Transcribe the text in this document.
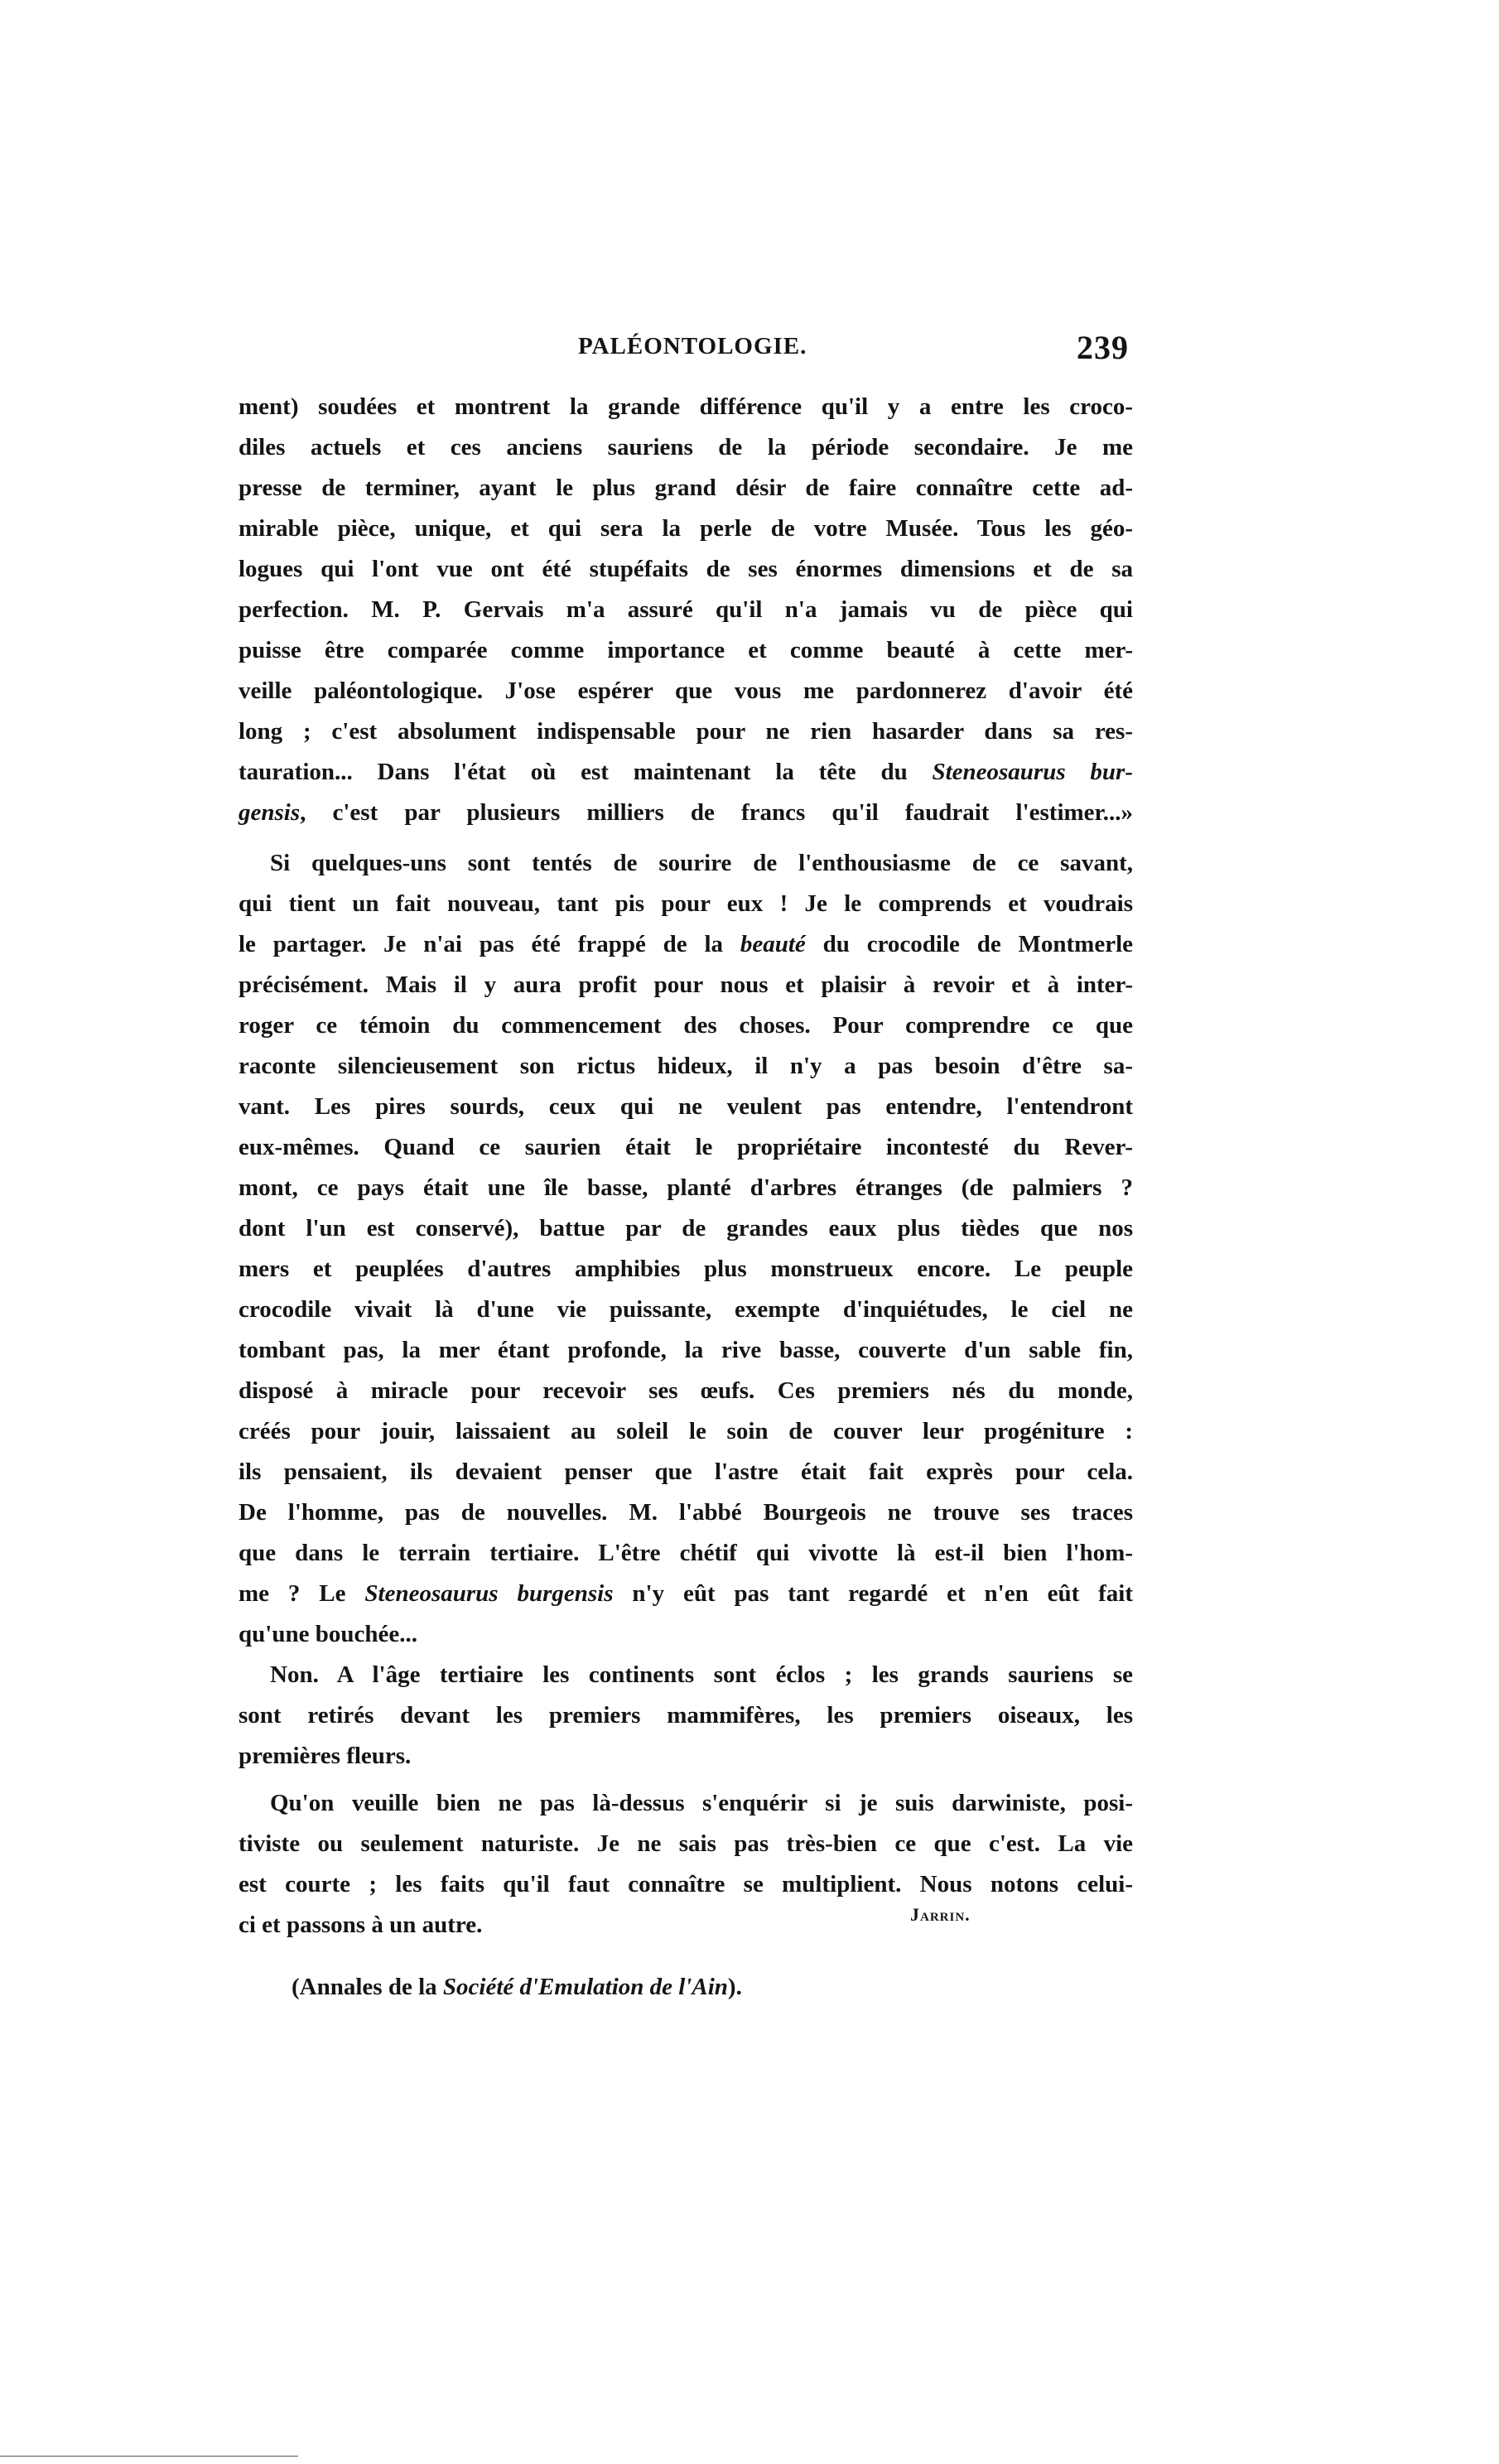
PALÉONTOLOGIE.	239
ment) soudées et montrent la grande différence qu'il y a entre les croco-
diles actuels et ces anciens sauriens de la période secondaire. Je me
presse de terminer, ayant le plus grand désir de faire connaître cette ad-
mirable pièce, unique, et qui sera la perle de votre Musée. Tous les géo-
logues qui l'ont vue ont été stupéfaits de ses énormes dimensions et de sa
perfection. M. P. Gervais m'a assuré qu'il n'a jamais vu de pièce qui
puisse être comparée comme importance et comme beauté à cette mer-
veille paléontologique. J'ose espérer que vous me pardonnerez d'avoir été
long ; c'est absolument indispensable pour ne rien hasarder dans sa res-
tauration... Dans l'état où est maintenant la tête du Steneosaurus bur-
gensis, c'est par plusieurs milliers de francs qu'il faudrait l'estimer...»
Si quelques-uns sont tentés de sourire de l'enthousiasme de ce savant,
qui tient un fait nouveau, tant pis pour eux ! Je le comprends et voudrais
le partager. Je n'ai pas été frappé de la beauté du crocodile de Montmerle
précisément. Mais il y aura profit pour nous et plaisir à revoir et à inter-
roger ce témoin du commencement des choses. Pour comprendre ce que
raconte silencieusement son rictus hideux, il n'y a pas besoin d'être sa-
vant. Les pires sourds, ceux qui ne veulent pas entendre, l'entendront
eux-mêmes. Quand ce saurien était le propriétaire incontesté du Rever-
mont, ce pays était une île basse, planté d'arbres étranges (de palmiers ?
dont l'un est conservé), battue par de grandes eaux plus tièdes que nos
mers et peuplées d'autres amphibies plus monstrueux encore. Le peuple
crocodile vivait là d'une vie puissante, exempte d'inquiétudes, le ciel ne
tombant pas, la mer étant profonde, la rive basse, couverte d'un sable fin,
disposé à miracle pour recevoir ses œufs. Ces premiers nés du monde,
créés pour jouir, laissaient au soleil le soin de couver leur progéniture :
ils pensaient, ils devaient penser que l'astre était fait exprès pour cela.
De l'homme, pas de nouvelles. M. l'abbé Bourgeois ne trouve ses traces
que dans le terrain tertiaire. L'être chétif qui vivotte là est-il bien l'hom-
me ? Le Steneosaurus burgensis n'y eût pas tant regardé et n'en eût fait
qu'une bouchée...
Non. A l'âge tertiaire les continents sont éclos ; les grands sauriens se
sont retirés devant les premiers mammifères, les premiers oiseaux, les
premières fleurs.
Qu'on veuille bien ne pas là-dessus s'enquérir si je suis darwiniste, posi-
tiviste ou seulement naturiste. Je ne sais pas très-bien ce que c'est. La vie
est courte ; les faits qu'il faut connaître se multiplient. Nous notons celui-
ci et passons à un autre.	Jarrin.
(Annales de la Société d'Emulation de l'Ain).
